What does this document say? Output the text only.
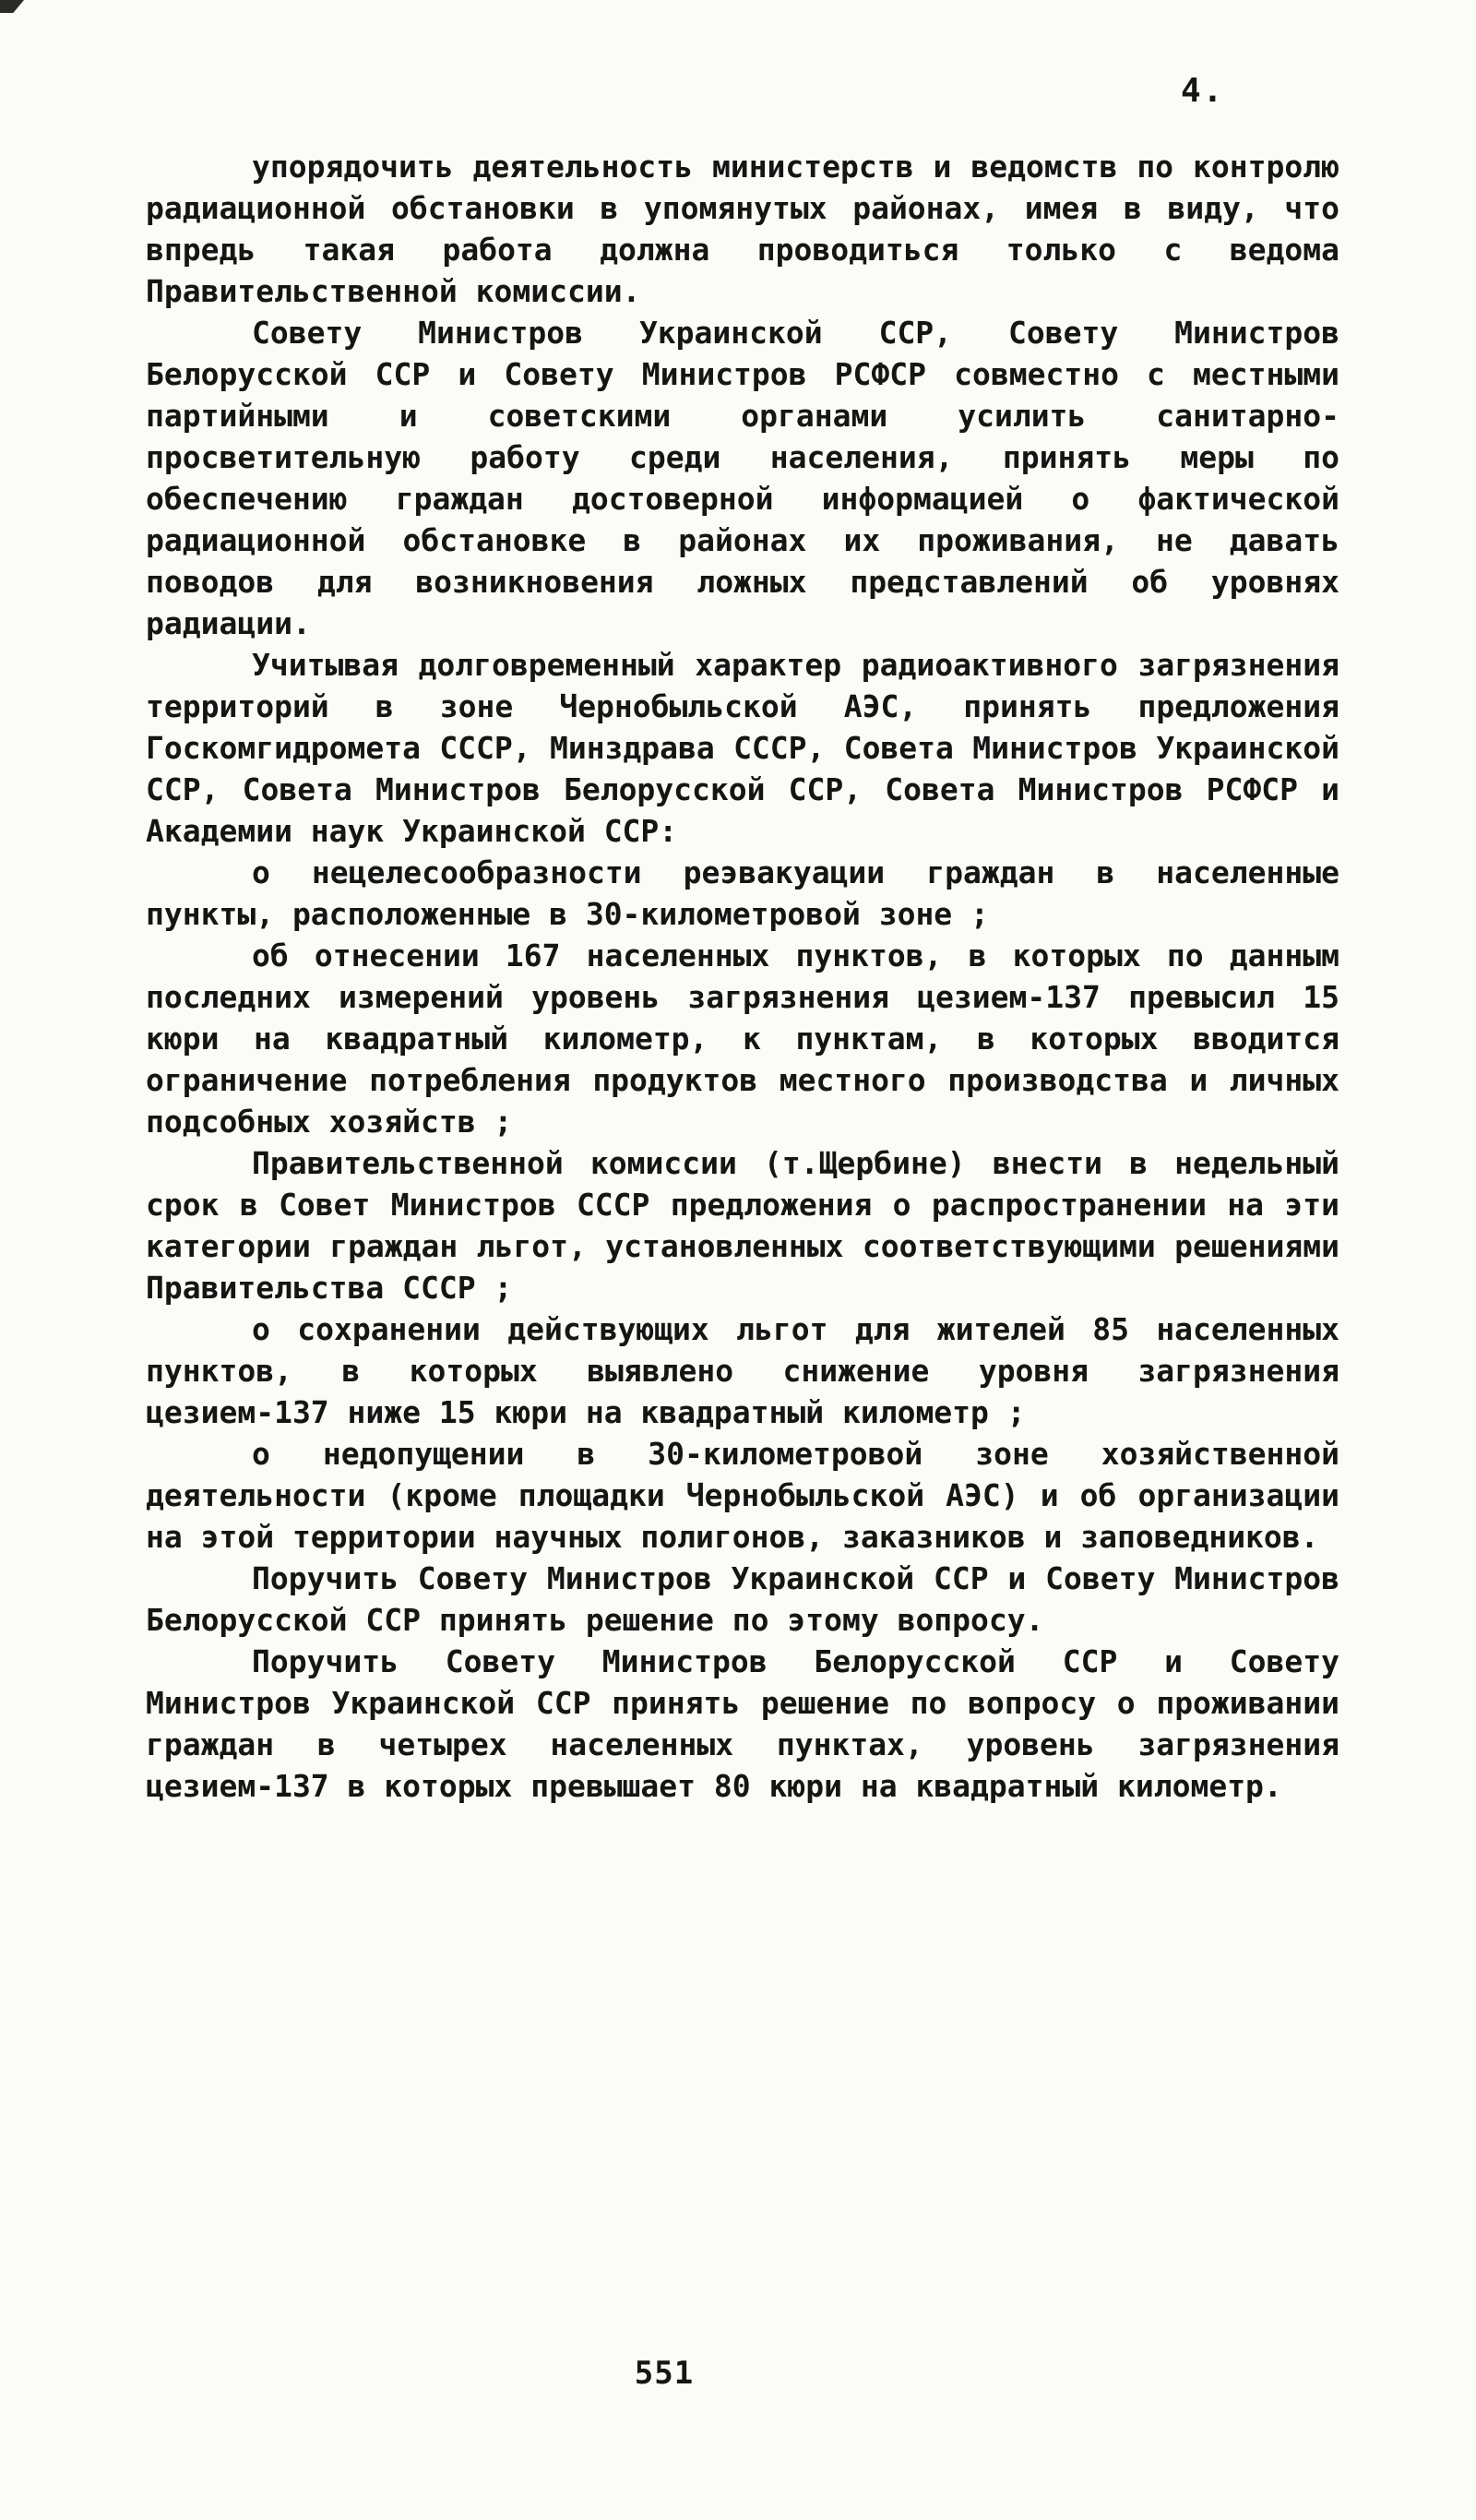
4.

упорядочить деятельность министерств и ведомств по контролю радиационной обстановки в упомянутых районах, имея в виду, что впредь такая работа должна проводиться только с ведома Правительственной комиссии.

Совету Министров Украинской ССР, Совету Министров Белорусской ССР и Совету Министров РСФСР совместно с местными партийными и советскими органами усилить санитарно-просветительную работу среди населения, принять меры по обеспечению граждан достоверной информацией о фактической радиационной обстановке в районах их проживания, не давать поводов для возникновения ложных представлений об уровнях радиации.

Учитывая долговременный характер радиоактивного загрязнения территорий в зоне Чернобыльской АЭС, принять предложения Госкомгидромета СССР, Минздрава СССР, Совета Министров Украинской ССР, Совета Министров Белорусской ССР, Совета Министров РСФСР и Академии наук Украинской ССР:

о нецелесообразности реэвакуации граждан в населенные пункты, расположенные в 30-километровой зоне ;

об отнесении 167 населенных пунктов, в которых по данным последних измерений уровень загрязнения цезием-137 превысил 15 кюри на квадратный километр, к пунктам, в которых вводится ограничение потребления продуктов местного производства и личных подсобных хозяйств ;

Правительственной комиссии (т.Щербине) внести в недельный срок в Совет Министров СССР предложения о распространении на эти категории граждан льгот, установленных соответствующими решениями Правительства СССР ;

о сохранении действующих льгот для жителей 85 населенных пунктов, в которых выявлено снижение уровня загрязнения цезием-137 ниже 15 кюри на квадратный километр ;

о недопущении в 30-километровой зоне хозяйственной деятельности (кроме площадки Чернобыльской АЭС) и об организации на этой территории научных полигонов, заказников и заповедников.

Поручить Совету Министров Украинской ССР и Совету Министров Белорусской ССР принять решение по этому вопросу.

Поручить Совету Министров Белорусской ССР и Совету Министров Украинской ССР принять решение по вопросу о проживании граждан в четырех населенных пунктах, уровень загрязнения цезием-137 в которых превышает 80 кюри на квадратный километр.

551
